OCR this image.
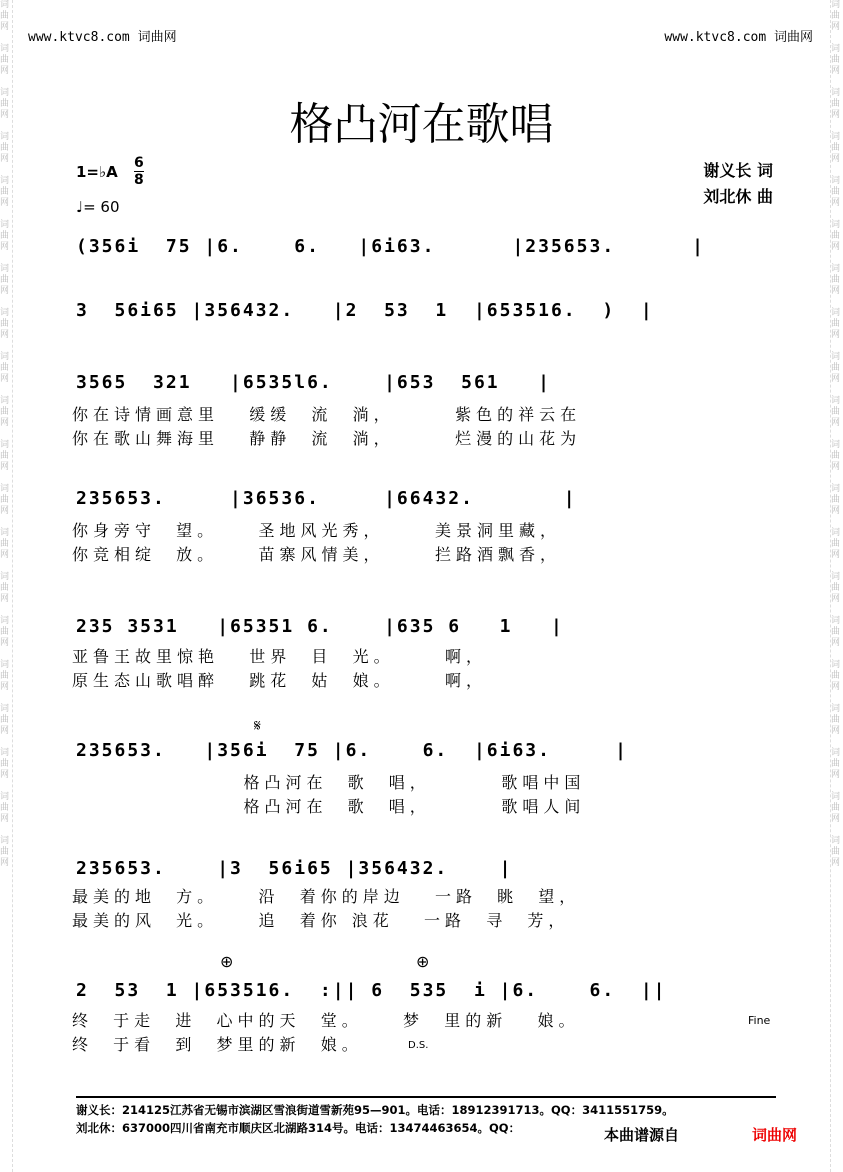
词曲网

词曲网

词曲网

词曲网

词曲网

词曲网

词曲网

词曲网

词曲网

词曲网

词曲网

词曲网

词曲网

词曲网

词曲网

词曲网

词曲网

词曲网

词曲网

词曲网
词曲网

词曲网

词曲网

词曲网

词曲网

词曲网

词曲网

词曲网

词曲网

词曲网

词曲网

词曲网

词曲网

词曲网

词曲网

词曲网

词曲网

词曲网

词曲网

词曲网
www.ktvc8.com 词曲网	www.ktvc8.com 词曲网
格凸河在歌唱
1=♭A $\frac{6}{8}$
♩= 60
谢义长 词
刘北休 曲
(356i  75 |6.    6.   |6i63.      |235653.      |
3  56i65 |356432.   |2  53  1  |653516.  )  |
3565  321   |6535l6.    |653  561   |
你在诗情画意里   缓缓  流  淌，      紫色的祥云在
你在歌山舞海里   静静  流  淌，      烂漫的山花为
235653.     |36536.     |66432.       |
你身旁守  望。    圣地风光秀，     美景洞里藏，
你竞相绽  放。    苗寨风情美，     拦路酒飘香，
235 3531   |65351 6.    |635 6   1   |
亚鲁王故里惊艳   世界  目  光。     啊，
原生态山歌唱醉   跳花  姑  娘。     啊，
𝄋
235653.   |356i  75 |6.    6.  |6i63.     |
格凸河在  歌  唱，       歌唱中国
格凸河在  歌  唱，       歌唱人间
235653.    |3  56i65 |356432.    |
最美的地  方。    沿  着你的岸边   一路  眺  望，
最美的风  光。    追  着你 浪花   一路  寻  芳，
⊕	⊕
2  53  1 |653516.  :|| 6  535  i |6.    6.  ||
终  于走  进  心中的天  堂。    梦  里的新   娘。
终  于看  到  梦里的新  娘。
Fine
D.S.
谢义长：214125江苏省无锡市滨湖区雪浪街道雪新苑95—901。电话：18912391713。QQ：3411551759。
刘北休：637000四川省南充市顺庆区北湖路314号。电话：13474463654。QQ：	本曲谱源自	词曲网
